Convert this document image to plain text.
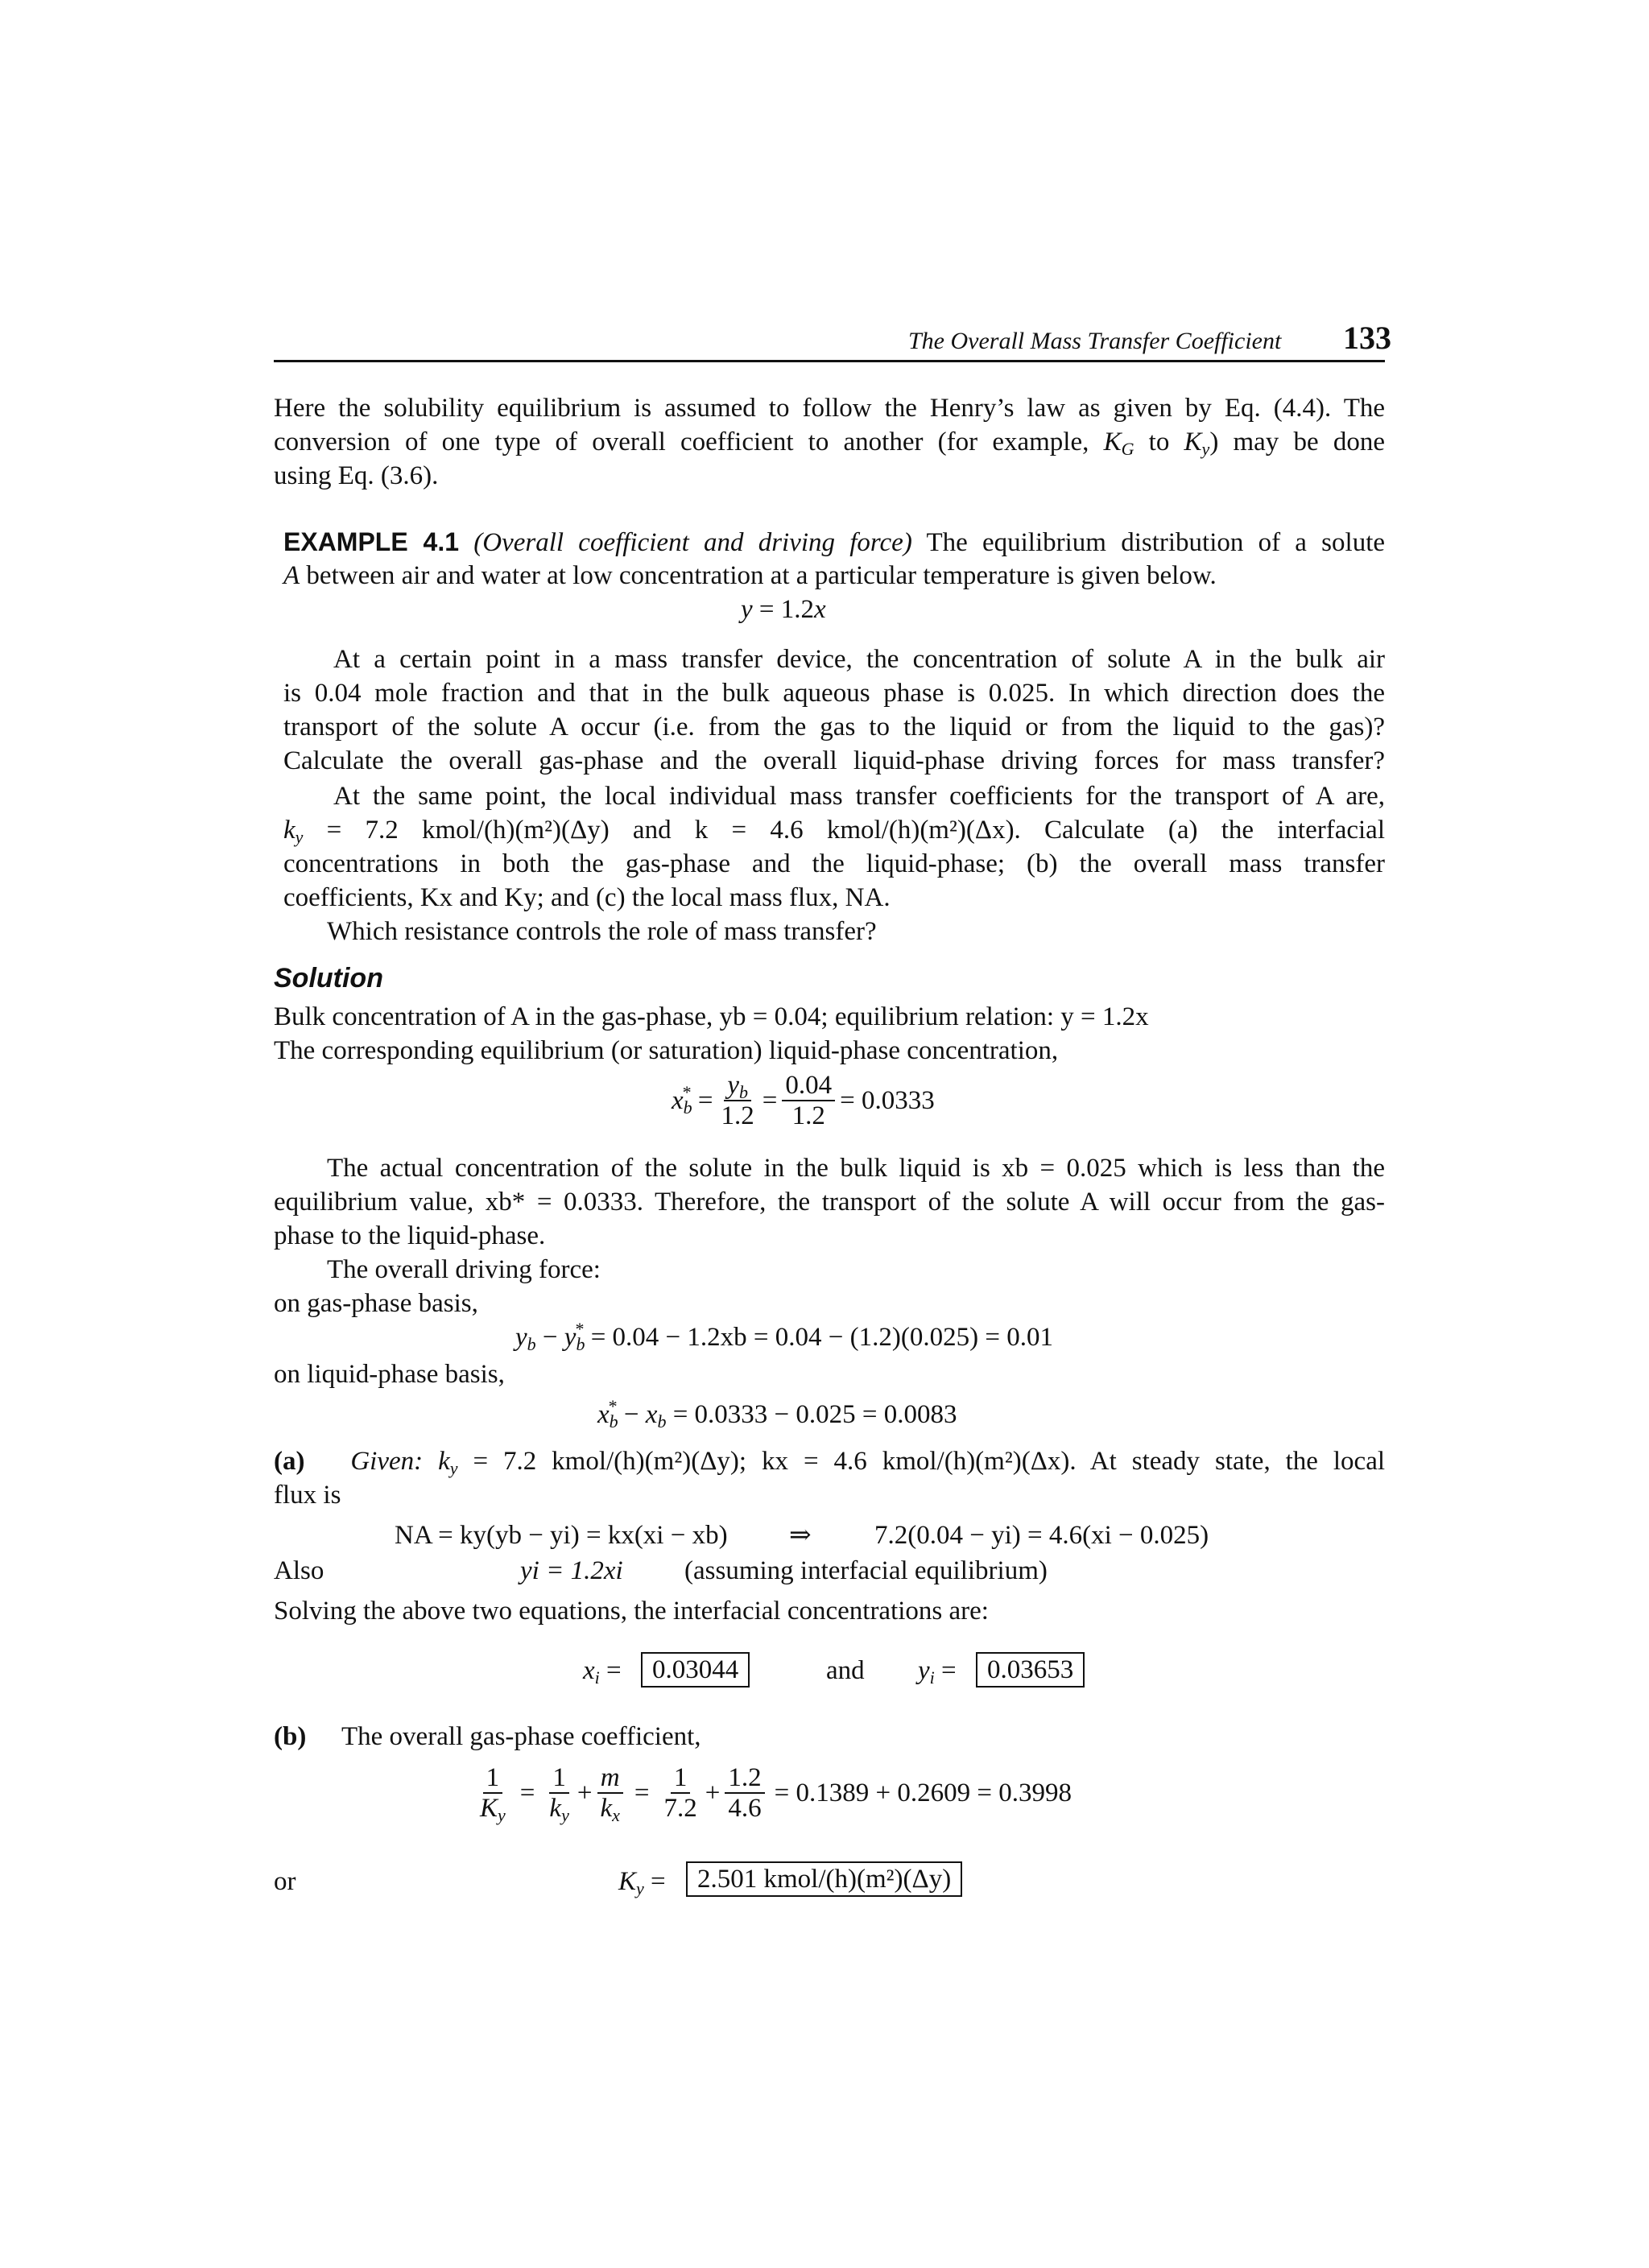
The Overall Mass Transfer Coefficient 133
Here the solubility equilibrium is assumed to follow the Henry’s law as given by Eq. (4.4). The
conversion of one type of overall coefficient to another (for example, $K_G$ to $K_y$) may be done
using Eq. (3.6).
EXAMPLE 4.1 (Overall coefficient and driving force) The equilibrium distribution of a solute
A between air and water at low concentration at a particular temperature is given below.
y = 1.2x
At a certain point in a mass transfer device, the concentration of solute A in the bulk air
is 0.04 mole fraction and that in the bulk aqueous phase is 0.025. In which direction does the
transport of the solute A occur (i.e. from the gas to the liquid or from the liquid to the gas)?
Calculate the overall gas-phase and the overall liquid-phase driving forces for mass transfer?
At the same point, the local individual mass transfer coefficients for the transport of A are,
$k_y = 7.2$ kmol/(h)(m²)(Δy) and k = 4.6 kmol/(h)(m²)(Δx). Calculate (a) the interfacial
concentrations in both the gas-phase and the liquid-phase; (b) the overall mass transfer
coefficients, Kx and Ky; and (c) the local mass flux, NA.
Which resistance controls the role of mass transfer?
Solution
Bulk concentration of A in the gas-phase, yb = 0.04; equilibrium relation: y = 1.2x
The corresponding equilibrium (or saturation) liquid-phase concentration,
$x_b^* = \frac{y_b}{1.2} = \frac{0.04}{1.2} = 0.0333$
The actual concentration of the solute in the bulk liquid is xb = 0.025 which is less than the
equilibrium value, xb* = 0.0333. Therefore, the transport of the solute A will occur from the gas-
phase to the liquid-phase.
The overall driving force:
on gas-phase basis,
$y_b - y_b^* = 0.04 - 1.2xb = 0.04 - (1.2)(0.025) = 0.01$
on liquid-phase basis,
$x_b^* - x_b = 0.0333 - 0.025 = 0.0083$
(a) Given: $k_y = 7.2$ kmol/(h)(m²)(Δy); kx = 4.6 kmol/(h)(m²)(Δx). At steady state, the local
flux is
NA = ky(yb − yi) = kx(xi − xb) ⇒ 7.2(0.04 − yi) = 4.6(xi − 0.025)
Also	yi = 1.2xi (assuming interfacial equilibrium)
Solving the above two equations, the interfacial concentrations are:
$x_i$ =	0.03044	and $y_i$ =	0.03653
(b) The overall gas-phase coefficient,
$\frac{1}{K_y} = \frac{1}{k_y} + \frac{m}{k_x} = \frac{1}{7.2} + \frac{1.2}{4.6} = 0.1389 + 0.2609 = 0.3998$
or	$K_y$ =	2.501 kmol/(h)(m²)(Δy)
